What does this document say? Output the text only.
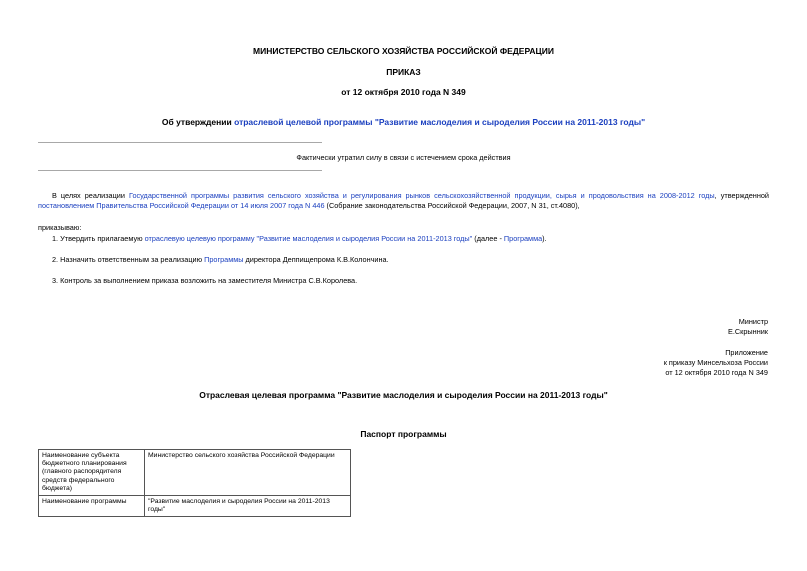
МИНИСТЕРСТВО СЕЛЬСКОГО ХОЗЯЙСТВА РОССИЙСКОЙ ФЕДЕРАЦИИ
ПРИКАЗ
от 12 октября 2010 года N 349
Об утверждении отраслевой целевой программы "Развитие маслоделия и сыроделия России на 2011-2013 годы"
Фактически утратил силу в связи с истечением срока действия
В целях реализации Государственной программы развития сельского хозяйства и регулирования рынков сельскохозяйственной продукции, сырья и продовольствия на 2008-2012 годы, утвержденной постановлением Правительства Российской Федерации от 14 июля 2007 года N 446 (Собрание законодательства Российской Федерации, 2007, N 31, ст.4080),
приказываю:
1. Утвердить прилагаемую отраслевую целевую программу "Развитие маслоделия и сыроделия России на 2011-2013 годы" (далее - Программа).
2. Назначить ответственным за реализацию Программы директора Деппищепрома К.В.Колончина.
3. Контроль за выполнением приказа возложить на заместителя Министра С.В.Королева.
Министр
Е.Скрынник
Приложение
к приказу Минсельхоза России
от 12 октября 2010 года N 349
Отраслевая целевая программа "Развитие маслоделия и сыроделия России на 2011-2013 годы"
Паспорт программы
Наименование субъекта бюджетного планирования (главного распорядителя средств федерального бюджета)	Министерство сельского хозяйства Российской Федерации
Наименование программы	"Развитие маслоделия и сыроделия России на 2011-2013 годы"
